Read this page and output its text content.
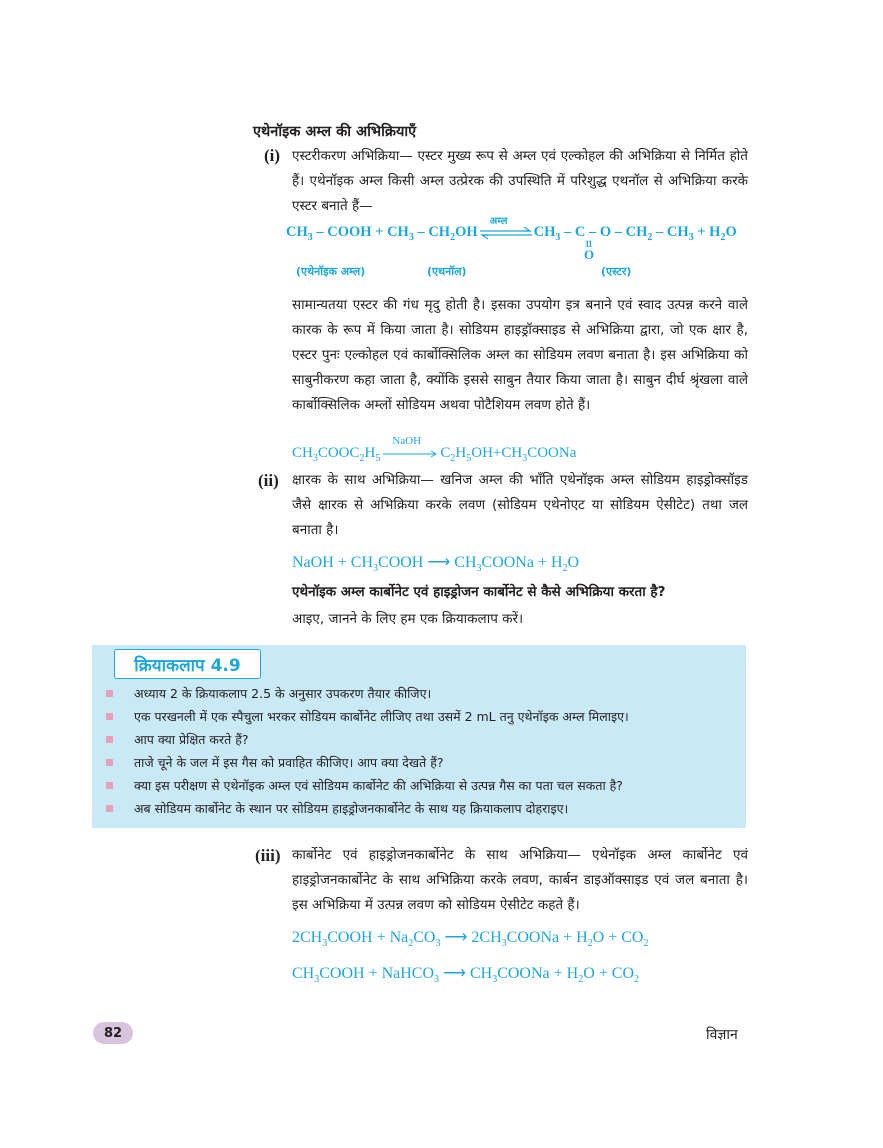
एथेनॉइक अम्ल की अभिक्रियाएँ
(i) एस्टरीकरण अभिक्रिया— एस्टर मुख्य रूप से अम्ल एवं एल्कोहल की अभिक्रिया से निर्मित होते हैं। एथेनॉइक अम्ल किसी अम्ल उत्प्रेरक की उपस्थिति में परिशुद्ध एथनॉल से अभिक्रिया करके एस्टर बनाते हैं—
$CH_3$ – COOH + $CH_3 - CH_2OH$
अम्ल
$CH_3 - C - O - CH_2 - CH_3 + H_2O$
11
O
(एथेनॉइक अम्ल)	(एथनॉल)	(एस्टर)
सामान्यतया एस्टर की गंध मृदु होती है। इसका उपयोग इत्र बनाने एवं स्वाद उत्पन्न करने वाले कारक के रूप में किया जाता है। सोडियम हाइड्रॉक्साइड से अभिक्रिया द्वारा, जो एक क्षार है, एस्टर पुनः एल्कोहल एवं कार्बोक्सिलिक अम्ल का सोडियम लवण बनाता है। इस अभिक्रिया को साबुनीकरण कहा जाता है, क्योंकि इससे साबुन तैयार किया जाता है। साबुन दीर्घ श्रृंखला वाले कार्बोक्सिलिक अम्लों सोडियम अथवा पोटैशियम लवण होते हैं।
$CH_3COOC_2H_5$
NaOH
$C_2H_5OH+CH_3COONa$
(ii) क्षारक के साथ अभिक्रिया— खनिज अम्ल की भाँति एथेनॉइक अम्ल सोडियम हाइड्रोक्सॉइड जैसे क्षारक से अभिक्रिया करके लवण (सोडियम एथेनोएट या सोडियम ऐसीटेट) तथा जल बनाता है।
NaOH + $CH_3COOH$ ⟶ $CH_3COONa + H_2O$
एथेनॉइक अम्ल कार्बोनेट एवं हाइड्रोजन कार्बोनेट से कैसे अभिक्रिया करता है?
आइए, जानने के लिए हम एक क्रियाकलाप करें।
क्रियाकलाप 4.9
अध्याय 2 के क्रियाकलाप 2.5 के अनुसार उपकरण तैयार कीजिए।
एक परखनली में एक स्पैचुला भरकर सोडियम कार्बोनेट लीजिए तथा उसमें 2 mL तनु एथेनॉइक अम्ल मिलाइए।
आप क्या प्रेक्षित करते हैं?
ताजे चूने के जल में इस गैस को प्रवाहित कीजिए। आप क्या देखते हैं?
क्या इस परीक्षण से एथेनॉइक अम्ल एवं सोडियम कार्बोनेट की अभिक्रिया से उत्पन्न गैस का पता चल सकता है?
अब सोडियम कार्बोनेट के स्थान पर सोडियम हाइड्रोजनकार्बोनेट के साथ यह क्रियाकलाप दोहराइए।
(iii) कार्बोनेट एवं हाइड्रोजनकार्बोनेट के साथ अभिक्रिया— एथेनॉइक अम्ल कार्बोनेट एवं हाइड्रोजनकार्बोनेट के साथ अभिक्रिया करके लवण, कार्बन डाइऑक्साइड एवं जल बनाता है। इस अभिक्रिया में उत्पन्न लवण को सोडियम ऐसीटेट कहते हैं।
$2CH_3COOH + Na_2CO_3$ ⟶ $2CH_3COONa + H_2O + CO_2$
$CH_3COOH$ + NaHCO$_3$ ⟶ $CH_3COONa + H_2O + CO_2$
82	विज्ञान
